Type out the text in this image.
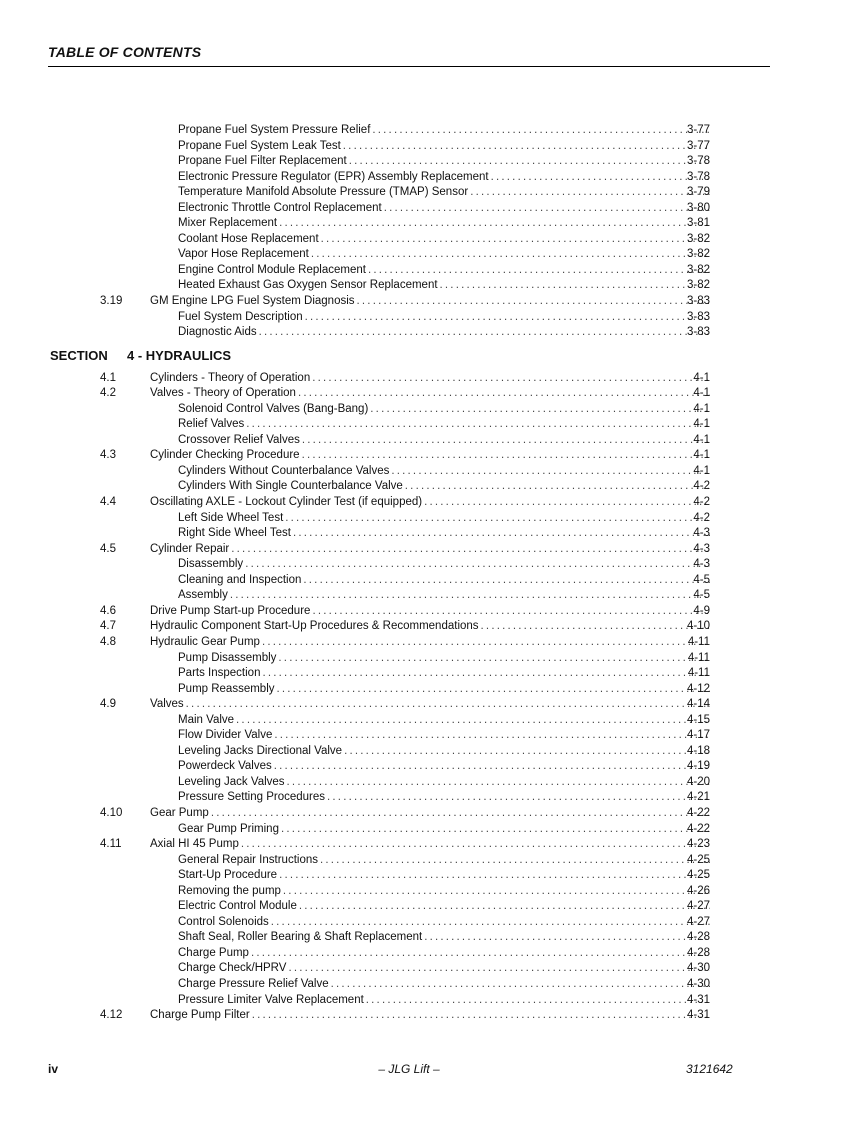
TABLE OF CONTENTS
Propane Fuel System Pressure Relief . . .	3-77
Propane Fuel System Leak Test . . .	3-77
Propane Fuel Filter Replacement . . .	3-78
Electronic Pressure Regulator (EPR) Assembly Replacement . . .	3-78
Temperature Manifold Absolute Pressure (TMAP) Sensor . . .	3-79
Electronic Throttle Control Replacement . . .	3-80
Mixer Replacement . . .	3-81
Coolant Hose Replacement . . .	3-82
Vapor Hose Replacement . . .	3-82
Engine Control Module Replacement . . .	3-82
Heated Exhaust Gas Oxygen Sensor Replacement . . .	3-82
3.19	GM Engine LPG Fuel System Diagnosis . . .	3-83
Fuel System Description . . .	3-83
Diagnostic Aids . . .	3-83
SECTION 4 - HYDRAULICS
4.1	Cylinders - Theory of Operation . . .	4-1
4.2	Valves - Theory of Operation . . .	4-1
Solenoid Control Valves (Bang-Bang) . . .	4-1
Relief Valves . . .	4-1
Crossover Relief Valves . . .	4-1
4.3	Cylinder Checking Procedure . . .	4-1
Cylinders Without Counterbalance Valves . . .	4-1
Cylinders With Single Counterbalance Valve . . .	4-2
4.4	Oscillating AXLE - Lockout Cylinder Test (if equipped) . . .	4-2
Left Side Wheel Test . . .	4-2
Right Side Wheel Test . . .	4-3
4.5	Cylinder Repair . . .	4-3
Disassembly . . .	4-3
Cleaning and Inspection . . .	4-5
Assembly . . .	4-5
4.6	Drive Pump Start-up Procedure . . .	4-9
4.7	Hydraulic Component Start-Up Procedures & Recommendations . . .	4-10
4.8	Hydraulic Gear Pump . . .	4-11
Pump Disassembly . . .	4-11
Parts Inspection . . .	4-11
Pump Reassembly . . .	4-12
4.9	Valves . . .	4-14
Main Valve . . .	4-15
Flow Divider Valve . . .	4-17
Leveling Jacks Directional Valve . . .	4-18
Powerdeck Valves . . .	4-19
Leveling Jack Valves . . .	4-20
Pressure Setting Procedures . . .	4-21
4.10	Gear Pump . . .	4-22
Gear Pump Priming . . .	4-22
4.11	Axial HI 45 Pump . . .	4-23
General Repair Instructions . . .	4-25
Start-Up Procedure . . .	4-25
Removing the pump . . .	4-26
Electric Control Module . . .	4-27
Control Solenoids . . .	4-27
Shaft Seal, Roller Bearing & Shaft Replacement . . .	4-28
Charge Pump . . .	4-28
Charge Check/HPRV . . .	4-30
Charge Pressure Relief Valve . . .	4-30
Pressure Limiter Valve Replacement . . .	4-31
4.12	Charge Pump Filter . . .	4-31
iv	– JLG Lift –	3121642
